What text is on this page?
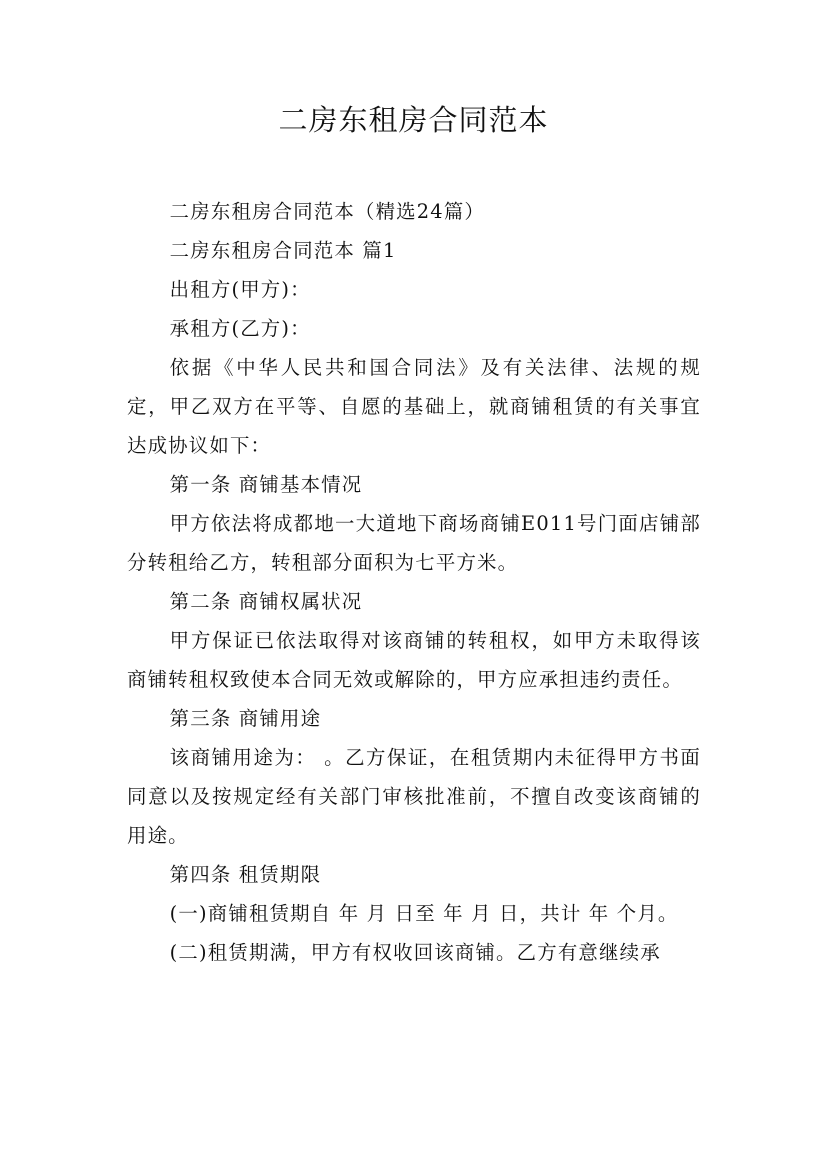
二房东租房合同范本

二房东租房合同范本（精选24篇）

二房东租房合同范本 篇1

出租方(甲方)：

承租方(乙方)：

依据《中华人民共和国合同法》及有关法律、法规的规定，甲乙双方在平等、自愿的基础上，就商铺租赁的有关事宜达成协议如下：

第一条 商铺基本情况

甲方依法将成都地一大道地下商场商铺E011号门面店铺部分转租给乙方，转租部分面积为七平方米。

第二条 商铺权属状况

甲方保证已依法取得对该商铺的转租权，如甲方未取得该商铺转租权致使本合同无效或解除的，甲方应承担违约责任。

第三条 商铺用途

该商铺用途为： 。乙方保证，在租赁期内未征得甲方书面同意以及按规定经有关部门审核批准前，不擅自改变该商铺的用途。

第四条 租赁期限

(一)商铺租赁期自 年 月 日至 年 月 日，共计 年 个月。

(二)租赁期满，甲方有权收回该商铺。乙方有意继续承
